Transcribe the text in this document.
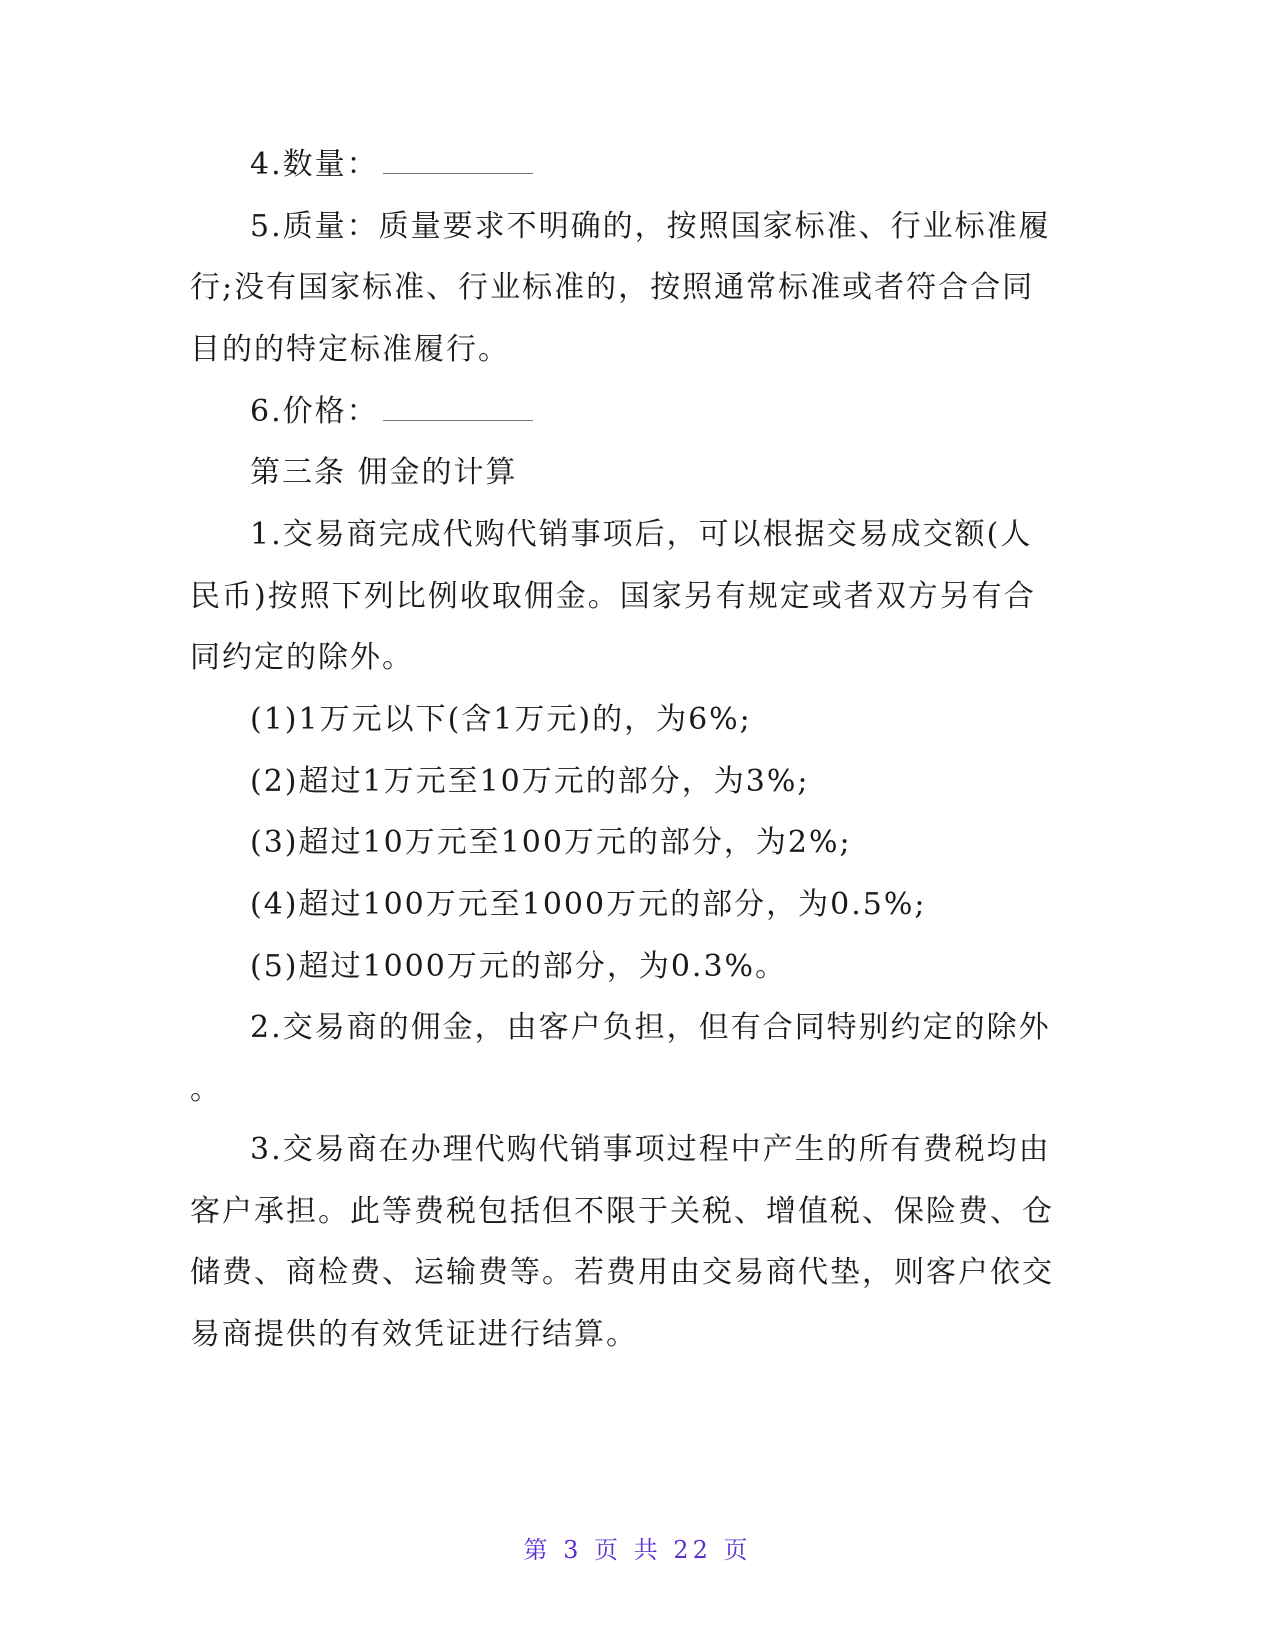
4.数量：
5.质量：质量要求不明确的，按照国家标准、行业标准履
行;没有国家标准、行业标准的，按照通常标准或者符合合同
目的的特定标准履行。
6.价格：
第三条 佣金的计算
1.交易商完成代购代销事项后，可以根据交易成交额(人
民币)按照下列比例收取佣金。国家另有规定或者双方另有合
同约定的除外。
(1)1万元以下(含1万元)的，为6%;
(2)超过1万元至10万元的部分，为3%;
(3)超过10万元至100万元的部分，为2%;
(4)超过100万元至1000万元的部分，为0.5%;
(5)超过1000万元的部分，为0.3%。
2.交易商的佣金，由客户负担，但有合同特别约定的除外
。
3.交易商在办理代购代销事项过程中产生的所有费税均由
客户承担。此等费税包括但不限于关税、增值税、保险费、仓
储费、商检费、运输费等。若费用由交易商代垫，则客户依交
易商提供的有效凭证进行结算。
第 3 页 共 22 页
